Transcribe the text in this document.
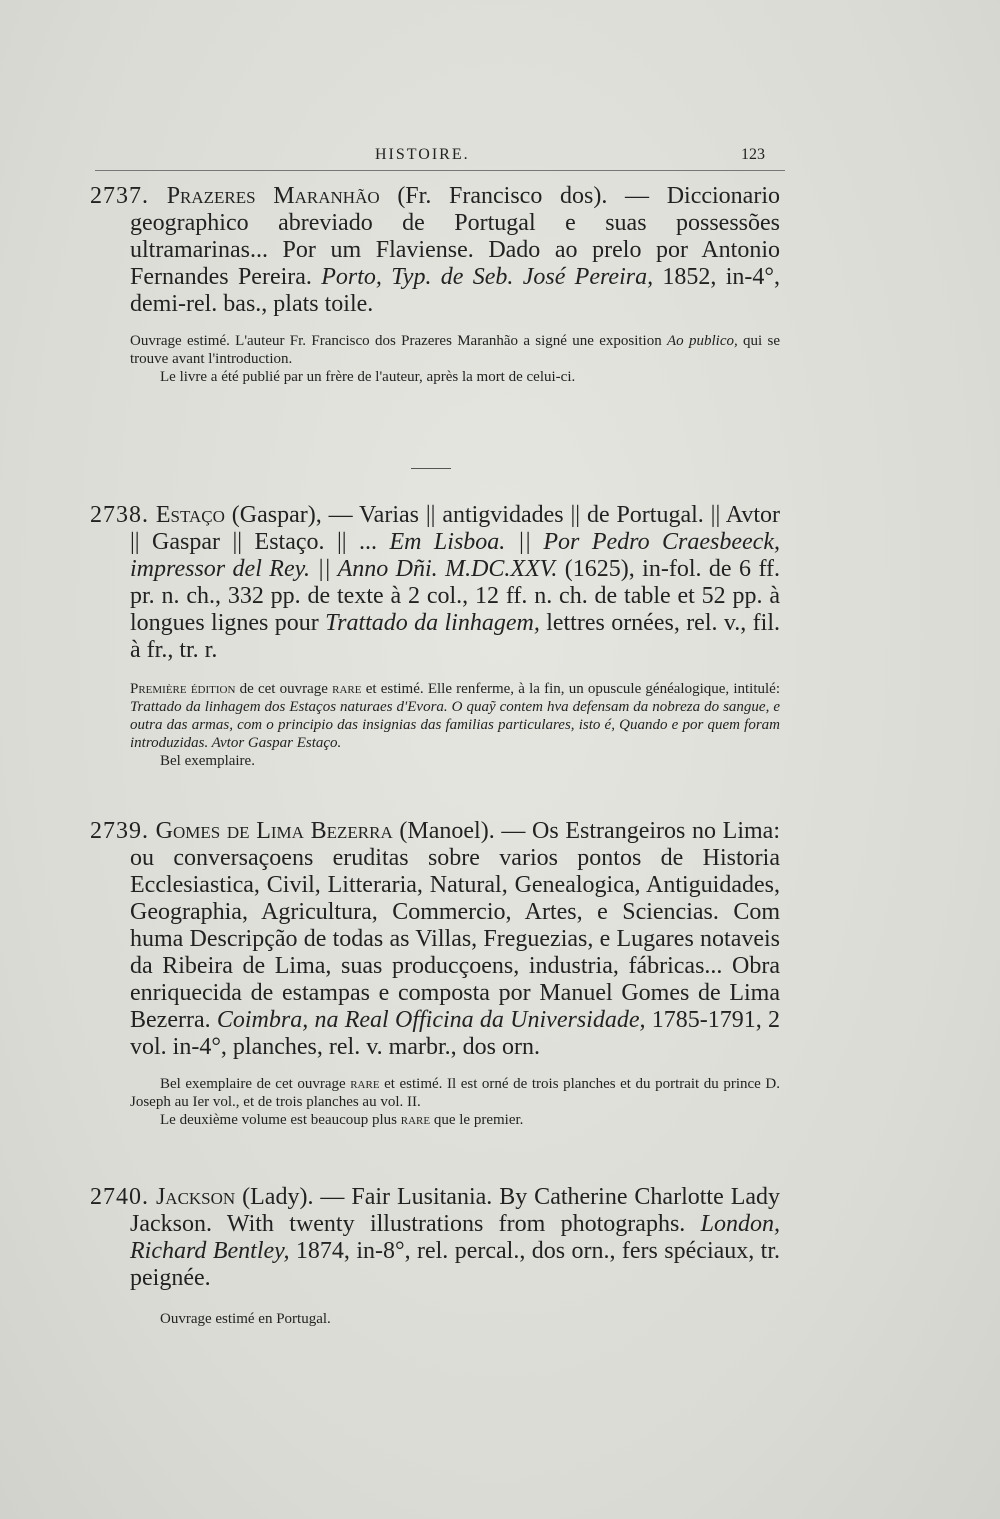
HISTOIRE.	123
2737. Prazeres Maranhão (Fr. Francisco dos). — Diccionario geographico abreviado de Portugal e suas possessões ultramarinas... Por um Flaviense. Dado ao prelo por Antonio Fernandes Pereira. Porto, Typ. de Seb. José Pereira, 1852, in-4°, demi-rel. bas., plats toile.

Ouvrage estimé. L'auteur Fr. Francisco dos Prazeres Maranhão a signé une exposition Ao publico, qui se trouve avant l'introduction.

Le livre a été publié par un frère de l'auteur, après la mort de celui-ci.

2738. Estaço (Gaspar), — Varias || antigvidades || de Portugal. || Avtor || Gaspar || Estaço. || ... Em Lisboa. || Por Pedro Craesbeeck, impressor del Rey. || Anno Dñi. M.DC.XXV. (1625), in-fol. de 6 ff. pr. n. ch., 332 pp. de texte à 2 col., 12 ff. n. ch. de table et 52 pp. à longues lignes pour Trattado da linhagem, lettres ornées, rel. v., fil. à fr., tr. r.

Première édition de cet ouvrage rare et estimé. Elle renferme, à la fin, un opuscule généalogique, intitulé: Trattado da linhagem dos Estaços naturaes d'Evora. O quaỹ contem hva defensam da nobreza do sangue, e outra das armas, com o principio das insignias das familias particulares, isto é, Quando e por quem foram introduzidas. Avtor Gaspar Estaço.

Bel exemplaire.

2739. Gomes de Lima Bezerra (Manoel). — Os Estrangeiros no Lima: ou conversaçoens eruditas sobre varios pontos de Historia Ecclesiastica, Civil, Litteraria, Natural, Genealogica, Antiguidades, Geographia, Agricultura, Commercio, Artes, e Sciencias. Com huma Descripção de todas as Villas, Freguezias, e Lugares notaveis da Ribeira de Lima, suas producçoens, industria, fábricas... Obra enriquecida de estampas e composta por Manuel Gomes de Lima Bezerra. Coimbra, na Real Officina da Universidade, 1785-1791, 2 vol. in-4°, planches, rel. v. marbr., dos orn.

Bel exemplaire de cet ouvrage rare et estimé. Il est orné de trois planches et du portrait du prince D. Joseph au Ier vol., et de trois planches au vol. II.

Le deuxième volume est beaucoup plus rare que le premier.

2740. Jackson (Lady). — Fair Lusitania. By Catherine Charlotte Lady Jackson. With twenty illustrations from photographs. London, Richard Bentley, 1874, in-8°, rel. percal., dos orn., fers spéciaux, tr. peignée.

Ouvrage estimé en Portugal.
